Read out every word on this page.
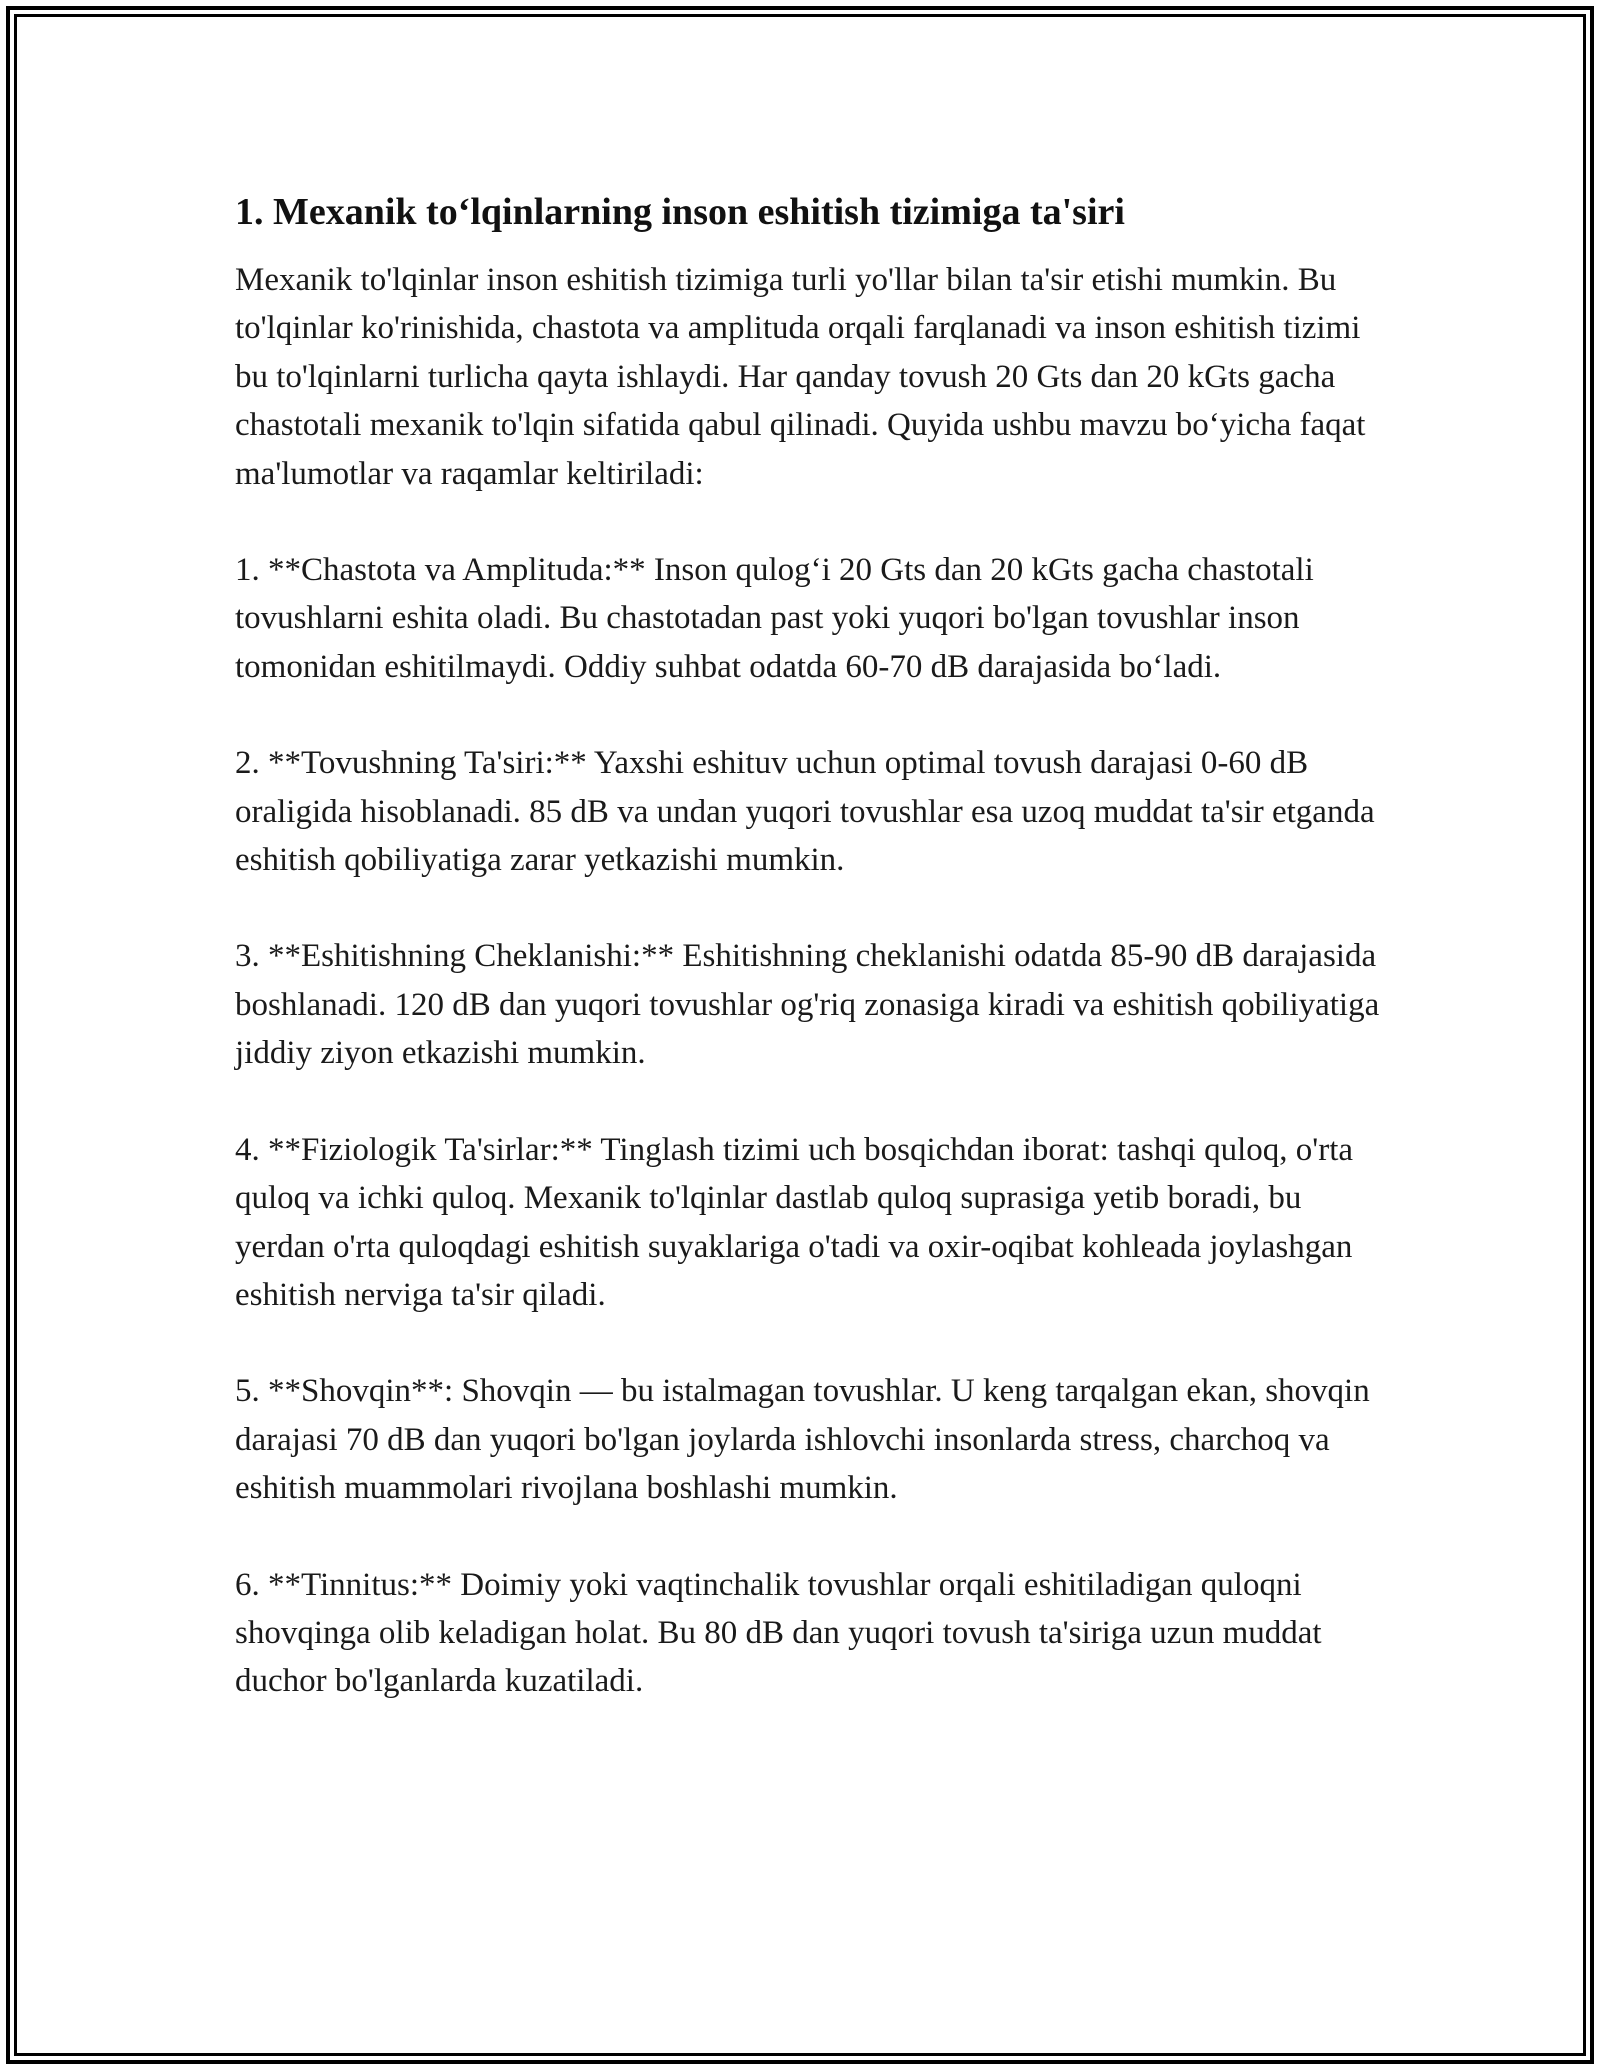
1. Mexanik to‘lqinlarning inson eshitish tizimiga ta'siri

Mexanik to'lqinlar inson eshitish tizimiga turli yo'llar bilan ta'sir etishi mumkin. Bu to'lqinlar ko'rinishida, chastota va amplituda orqali farqlanadi va inson eshitish tizimi bu to'lqinlarni turlicha qayta ishlaydi. Har qanday tovush 20 Gts dan 20 kGts gacha chastotali mexanik to'lqin sifatida qabul qilinadi. Quyida ushbu mavzu bo‘yicha faqat ma'lumotlar va raqamlar keltiriladi:

1. **Chastota va Amplituda:** Inson qulog‘i 20 Gts dan 20 kGts gacha chastotali tovushlarni eshita oladi. Bu chastotadan past yoki yuqori bo'lgan tovushlar inson tomonidan eshitilmaydi. Oddiy suhbat odatda 60-70 dB darajasida bo‘ladi.

2. **Tovushning Ta'siri:** Yaxshi eshituv uchun optimal tovush darajasi 0-60 dB oraligida hisoblanadi. 85 dB va undan yuqori tovushlar esa uzoq muddat ta'sir etganda eshitish qobiliyatiga zarar yetkazishi mumkin.

3. **Eshitishning Cheklanishi:** Eshitishning cheklanishi odatda 85-90 dB darajasida boshlanadi. 120 dB dan yuqori tovushlar og'riq zonasiga kiradi va eshitish qobiliyatiga jiddiy ziyon etkazishi mumkin.

4. **Fiziologik Ta'sirlar:** Tinglash tizimi uch bosqichdan iborat: tashqi quloq, o'rta quloq va ichki quloq. Mexanik to'lqinlar dastlab quloq suprasiga yetib boradi, bu yerdan o'rta quloqdagi eshitish suyaklariga o'tadi va oxir-oqibat kohleada joylashgan eshitish nerviga ta'sir qiladi.

5. **Shovqin**: Shovqin — bu istalmagan tovushlar. U keng tarqalgan ekan, shovqin darajasi 70 dB dan yuqori bo'lgan joylarda ishlovchi insonlarda stress, charchoq va eshitish muammolari rivojlana boshlashi mumkin.

6. **Tinnitus:** Doimiy yoki vaqtinchalik tovushlar orqali eshitiladigan quloqni shovqinga olib keladigan holat. Bu 80 dB dan yuqori tovush ta'siriga uzun muddat duchor bo'lganlarda kuzatiladi.
